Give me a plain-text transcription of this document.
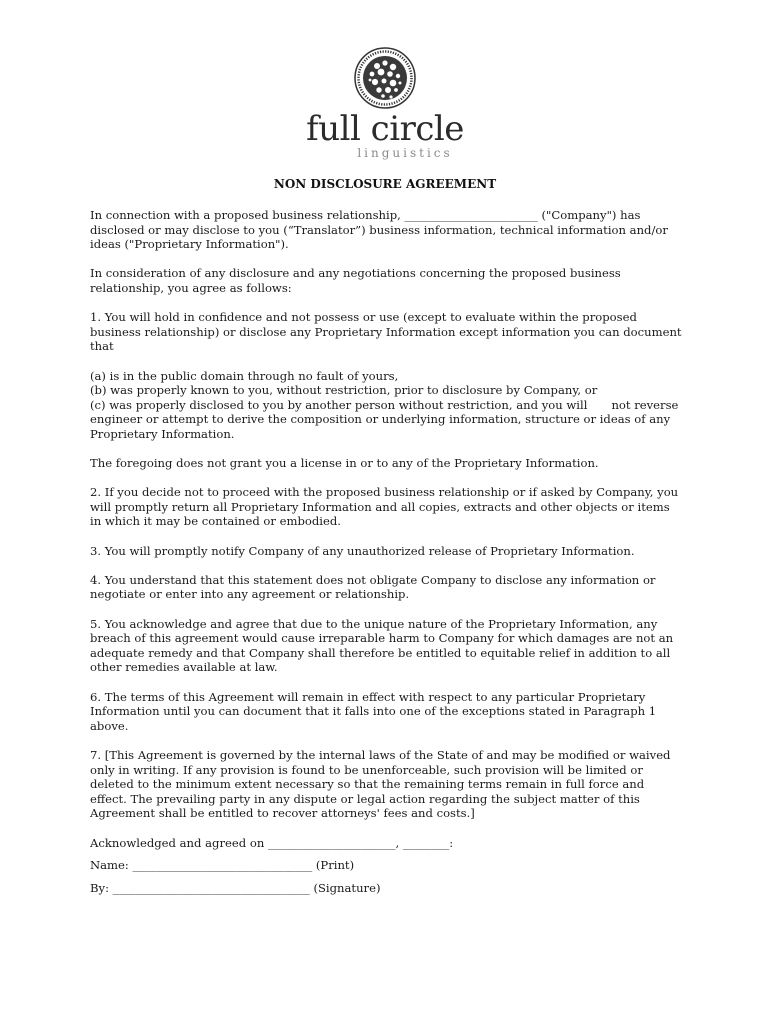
full circle
linguistics
NON DISCLOSURE AGREEMENT

In connection with a proposed business relationship, _______________________ ("Company") has disclosed or may disclose to you (“Translator”) business information, technical information and/or ideas ("Proprietary Information").

In consideration of any disclosure and any negotiations concerning the proposed business relationship, you agree as follows:

1. You will hold in confidence and not possess or use (except to evaluate within the proposed business relationship) or disclose any Proprietary Information except information you can document that

(a) is in the public domain through no fault of yours,
(b) was properly known to you, without restriction, prior to disclosure by Company, or
(c) was properly disclosed to you by another person without restriction, and you will not reverse engineer or attempt to derive the composition or underlying information, structure or ideas of any Proprietary Information.

The foregoing does not grant you a license in or to any of the Proprietary Information.

2. If you decide not to proceed with the proposed business relationship or if asked by Company, you will promptly return all Proprietary Information and all copies, extracts and other objects or items in which it may be contained or embodied.

3. You will promptly notify Company of any unauthorized release of Proprietary Information.

4. You understand that this statement does not obligate Company to disclose any information or negotiate or enter into any agreement or relationship.

5. You acknowledge and agree that due to the unique nature of the Proprietary Information, any breach of this agreement would cause irreparable harm to Company for which damages are not an adequate remedy and that Company shall therefore be entitled to equitable relief in addition to all other remedies available at law.

6. The terms of this Agreement will remain in effect with respect to any particular Proprietary Information until you can document that it falls into one of the exceptions stated in Paragraph 1 above.

7. [This Agreement is governed by the internal laws of the State of and may be modified or waived only in writing. If any provision is found to be unenforceable, such provision will be limited or deleted to the minimum extent necessary so that the remaining terms remain in full force and effect. The prevailing party in any dispute or legal action regarding the subject matter of this Agreement shall be entitled to recover attorneys' fees and costs.]

Acknowledged and agreed on ______________________, ________:

Name: _______________________________ (Print)

By: __________________________________ (Signature)
